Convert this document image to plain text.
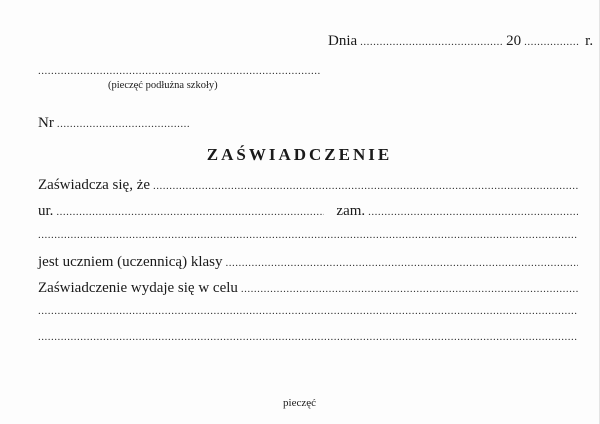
Dnia .....	20 .....	r.
.....
(pieczęć podłużna szkoły)
Nr
.....
ZAŚWIADCZENIE
Zaświadcza się, że
.....
ur. .....	zam.
.....
.....
jest uczniem (uczennicą) klasy
.....
Zaświadczenie wydaje się w celu
.....
.....
.....
pieczęć
